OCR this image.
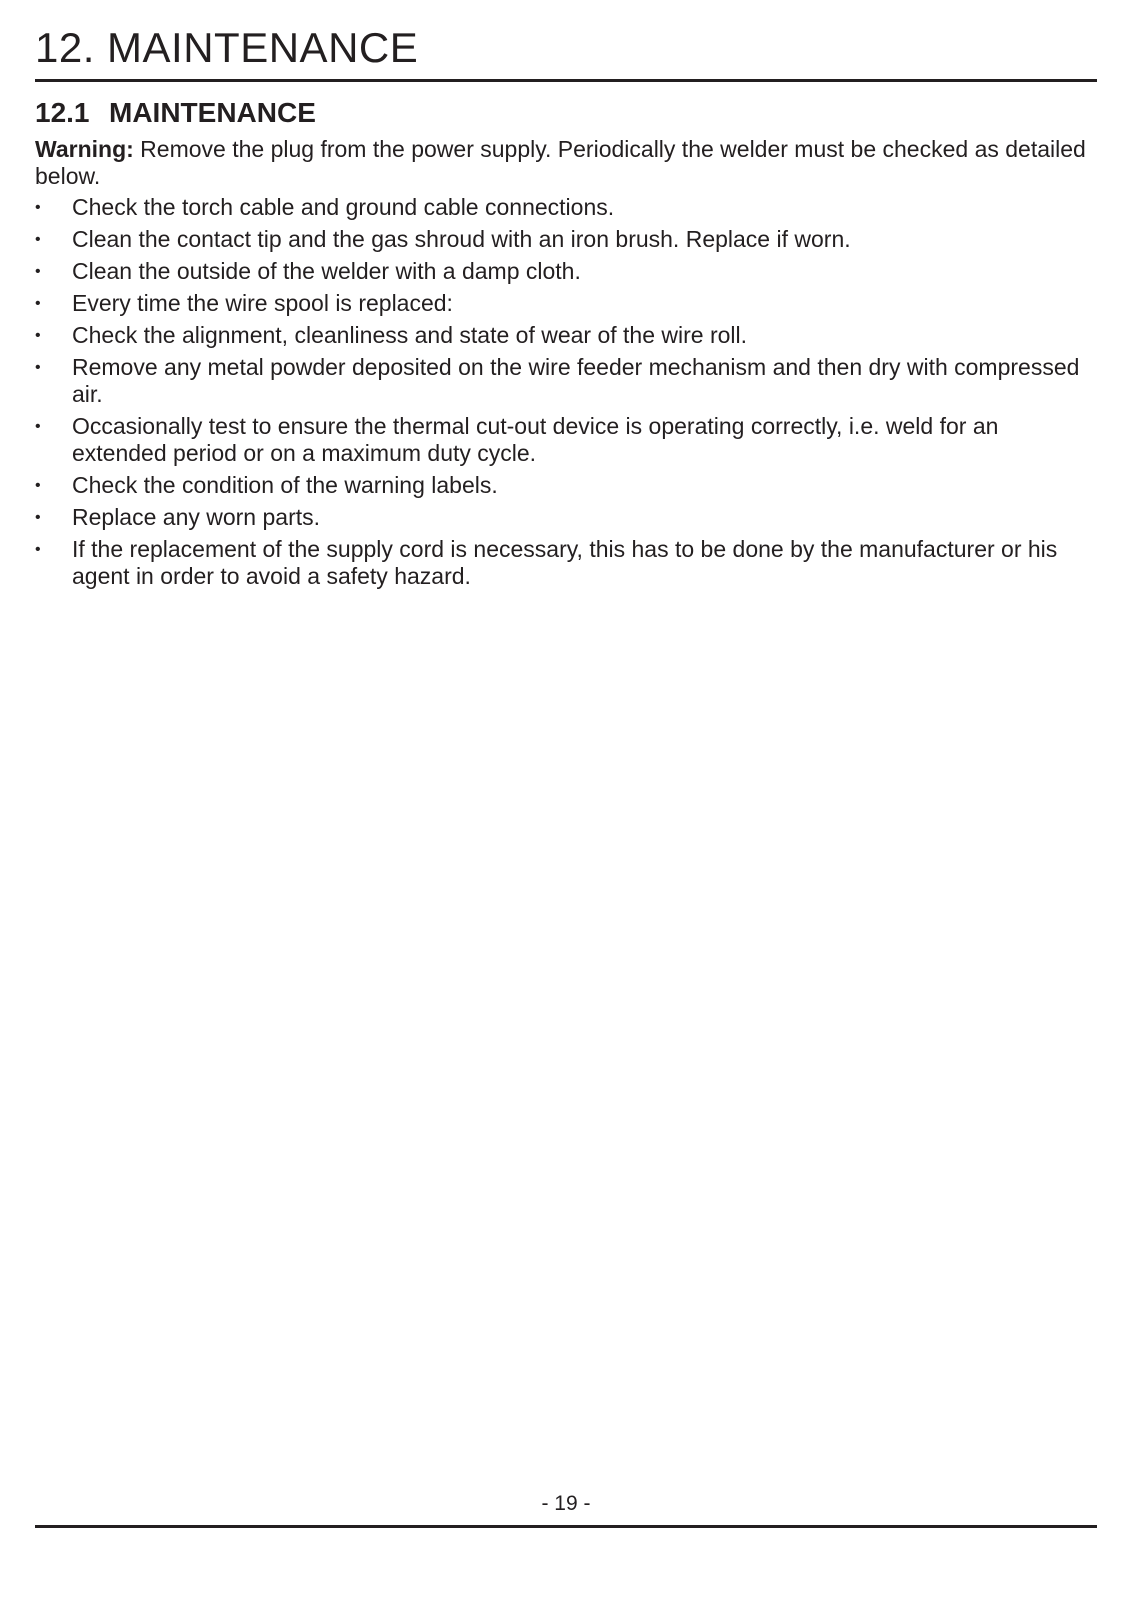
12. MAINTENANCE
12.1 MAINTENANCE

Warning: Remove the plug from the power supply. Periodically the welder must be checked as detailed below.

• Check the torch cable and ground cable connections.
• Clean the contact tip and the gas shroud with an iron brush. Replace if worn.
• Clean the outside of the welder with a damp cloth.
• Every time the wire spool is replaced:
• Check the alignment, cleanliness and state of wear of the wire roll.
• Remove any metal powder deposited on the wire feeder mechanism and then dry with compressed air.
• Occasionally test to ensure the thermal cut-out device is operating correctly, i.e. weld for an extended period or on a maximum duty cycle.
• Check the condition of the warning labels.
• Replace any worn parts.
• If the replacement of the supply cord is necessary, this has to be done by the manufacturer or his agent in order to avoid a safety hazard.
- 19 -
